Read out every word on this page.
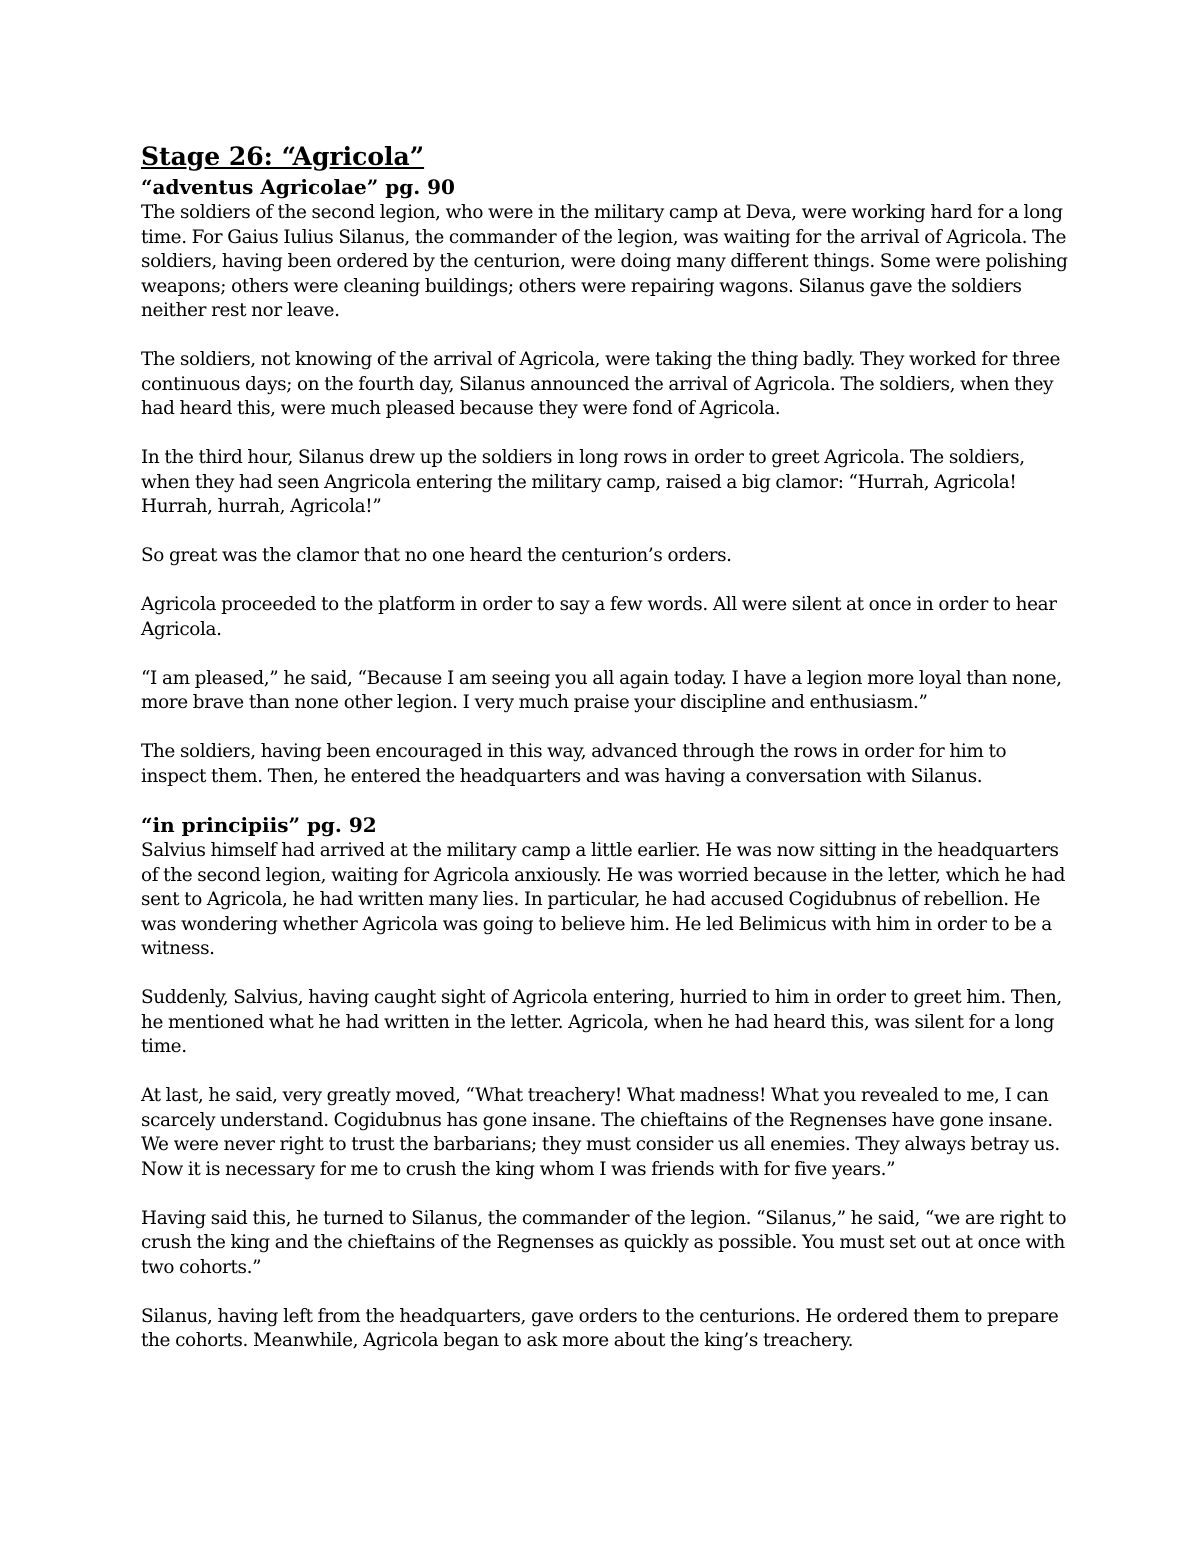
Stage 26: “Agricola”
“adventus Agricolae” pg. 90

The soldiers of the second legion, who were in the military camp at Deva, were working hard for a long time. For Gaius Iulius Silanus, the commander of the legion, was waiting for the arrival of Agricola. The soldiers, having been ordered by the centurion, were doing many different things. Some were polishing weapons; others were cleaning buildings; others were repairing wagons. Silanus gave the soldiers neither rest nor leave.

The soldiers, not knowing of the arrival of Agricola, were taking the thing badly. They worked for three continuous days; on the fourth day, Silanus announced the arrival of Agricola. The soldiers, when they had heard this, were much pleased because they were fond of Agricola.

In the third hour, Silanus drew up the soldiers in long rows in order to greet Agricola. The soldiers, when they had seen Angricola entering the military camp, raised a big clamor: “Hurrah, Agricola! Hurrah, hurrah, Agricola!”

So great was the clamor that no one heard the centurion’s orders.

Agricola proceeded to the platform in order to say a few words. All were silent at once in order to hear Agricola.

“I am pleased,” he said, “Because I am seeing you all again today. I have a legion more loyal than none, more brave than none other legion. I very much praise your discipline and enthusiasm.”

The soldiers, having been encouraged in this way, advanced through the rows in order for him to inspect them. Then, he entered the headquarters and was having a conversation with Silanus.

“in principiis” pg. 92

Salvius himself had arrived at the military camp a little earlier. He was now sitting in the headquarters of the second legion, waiting for Agricola anxiously. He was worried because in the letter, which he had sent to Agricola, he had written many lies. In particular, he had accused Cogidubnus of rebellion. He was wondering whether Agricola was going to believe him. He led Belimicus with him in order to be a witness.

Suddenly, Salvius, having caught sight of Agricola entering, hurried to him in order to greet him. Then, he mentioned what he had written in the letter. Agricola, when he had heard this, was silent for a long time.

At last, he said, very greatly moved, “What treachery! What madness! What you revealed to me, I can scarcely understand. Cogidubnus has gone insane. The chieftains of the Regnenses have gone insane. We were never right to trust the barbarians; they must consider us all enemies. They always betray us. Now it is necessary for me to crush the king whom I was friends with for five years.”

Having said this, he turned to Silanus, the commander of the legion. “Silanus,” he said, “we are right to crush the king and the chieftains of the Regnenses as quickly as possible. You must set out at once with two cohorts.”

Silanus, having left from the headquarters, gave orders to the centurions. He ordered them to prepare the cohorts. Meanwhile, Agricola began to ask more about the king’s treachery.
